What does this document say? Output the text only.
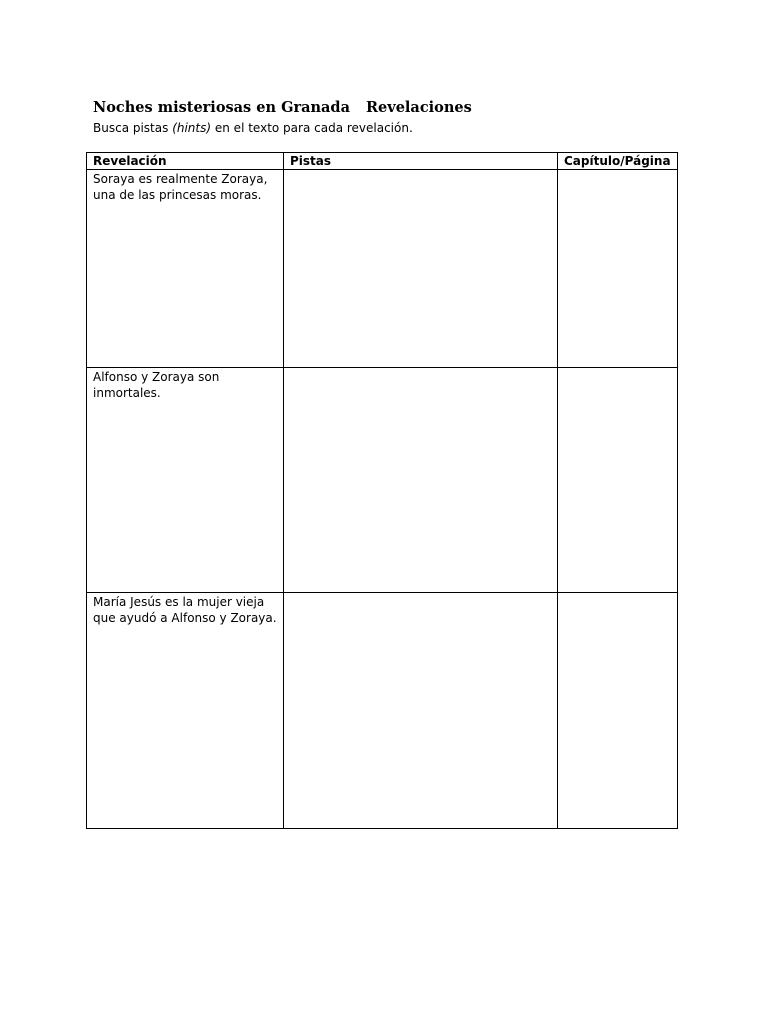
Noches misteriosas en Granada Revelaciones
Busca pistas (hints) en el texto para cada revelación.
Revelación	Pistas	Capítulo/Página

Soraya es realmente Zoraya,
una de las princesas moras.		

Alfonso y Zoraya son
inmortales.		

María Jesús es la mujer vieja
que ayudó a Alfonso y Zoraya.		
